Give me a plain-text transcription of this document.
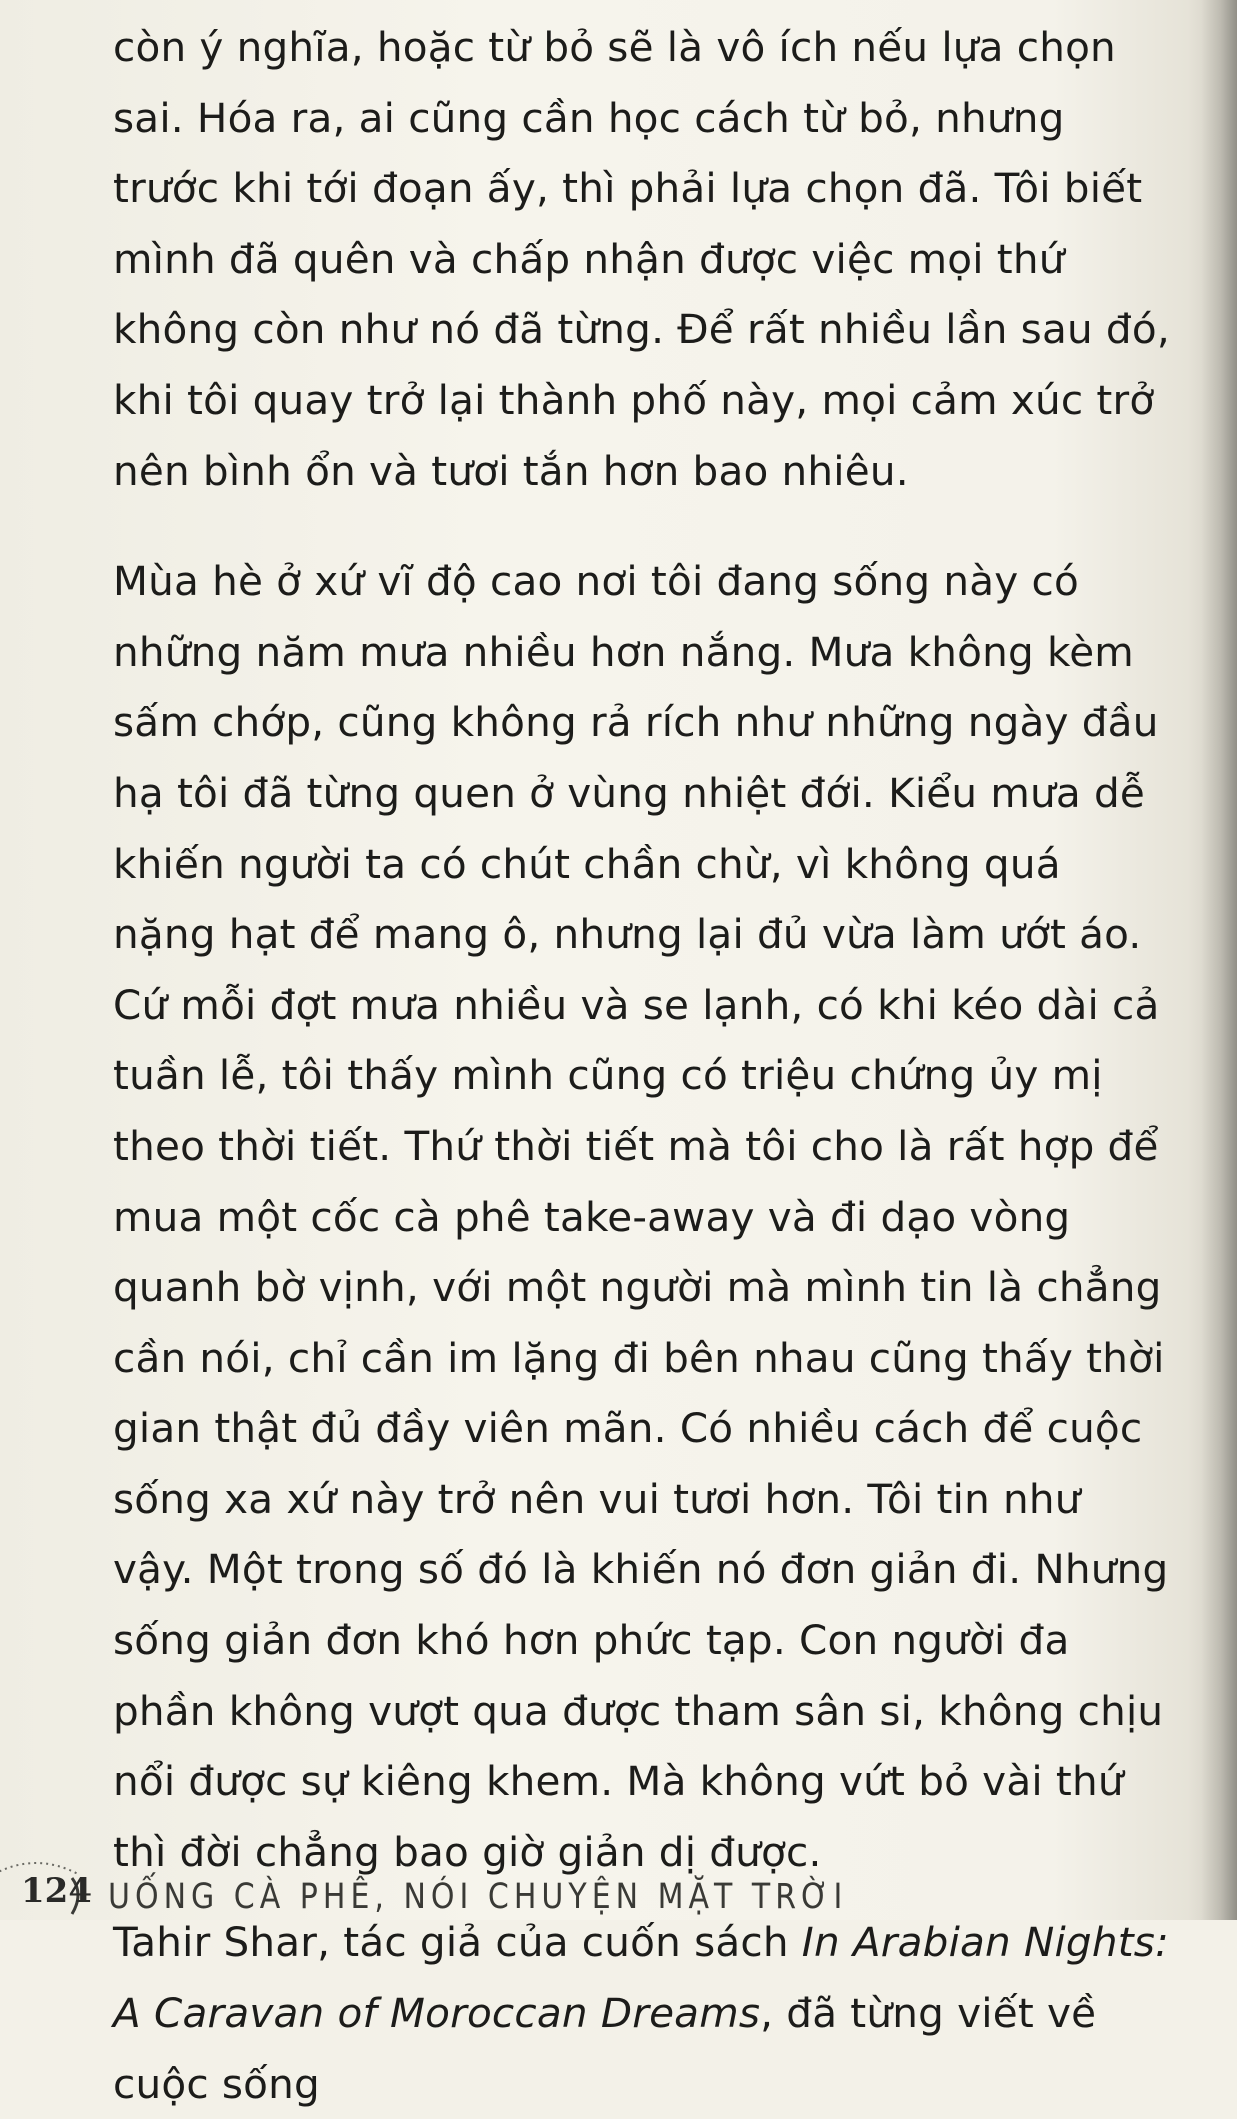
còn ý nghĩa, hoặc từ bỏ sẽ là vô ích nếu lựa chọn sai. Hóa ra, ai cũng cần học cách từ bỏ, nhưng trước khi tới đoạn ấy, thì phải lựa chọn đã. Tôi biết mình đã quên và chấp nhận được việc mọi thứ không còn như nó đã từng. Để rất nhiều lần sau đó, khi tôi quay trở lại thành phố này, mọi cảm xúc trở nên bình ổn và tươi tắn hơn bao nhiêu.

Mùa hè ở xứ vĩ độ cao nơi tôi đang sống này có những năm mưa nhiều hơn nắng. Mưa không kèm sấm chớp, cũng không rả rích như những ngày đầu hạ tôi đã từng quen ở vùng nhiệt đới. Kiểu mưa dễ khiến người ta có chút chần chừ, vì không quá nặng hạt để mang ô, nhưng lại đủ vừa làm ướt áo. Cứ mỗi đợt mưa nhiều và se lạnh, có khi kéo dài cả tuần lễ, tôi thấy mình cũng có triệu chứng ủy mị theo thời tiết. Thứ thời tiết mà tôi cho là rất hợp để mua một cốc cà phê take-away và đi dạo vòng quanh bờ vịnh, với một người mà mình tin là chẳng cần nói, chỉ cần im lặng đi bên nhau cũng thấy thời gian thật đủ đầy viên mãn. Có nhiều cách để cuộc sống xa xứ này trở nên vui tươi hơn. Tôi tin như vậy. Một trong số đó là khiến nó đơn giản đi. Nhưng sống giản đơn khó hơn phức tạp. Con người đa phần không vượt qua được tham sân si, không chịu nổi được sự kiêng khem. Mà không vứt bỏ vài thứ thì đời chẳng bao giờ giản dị được.

Tahir Shar, tác giả của cuốn sách In Arabian Nights: A Caravan of Moroccan Dreams, đã từng viết về cuộc sống

124 UỐNG CÀ PHÊ, NÓI CHUYỆN MẶT TRỜI
